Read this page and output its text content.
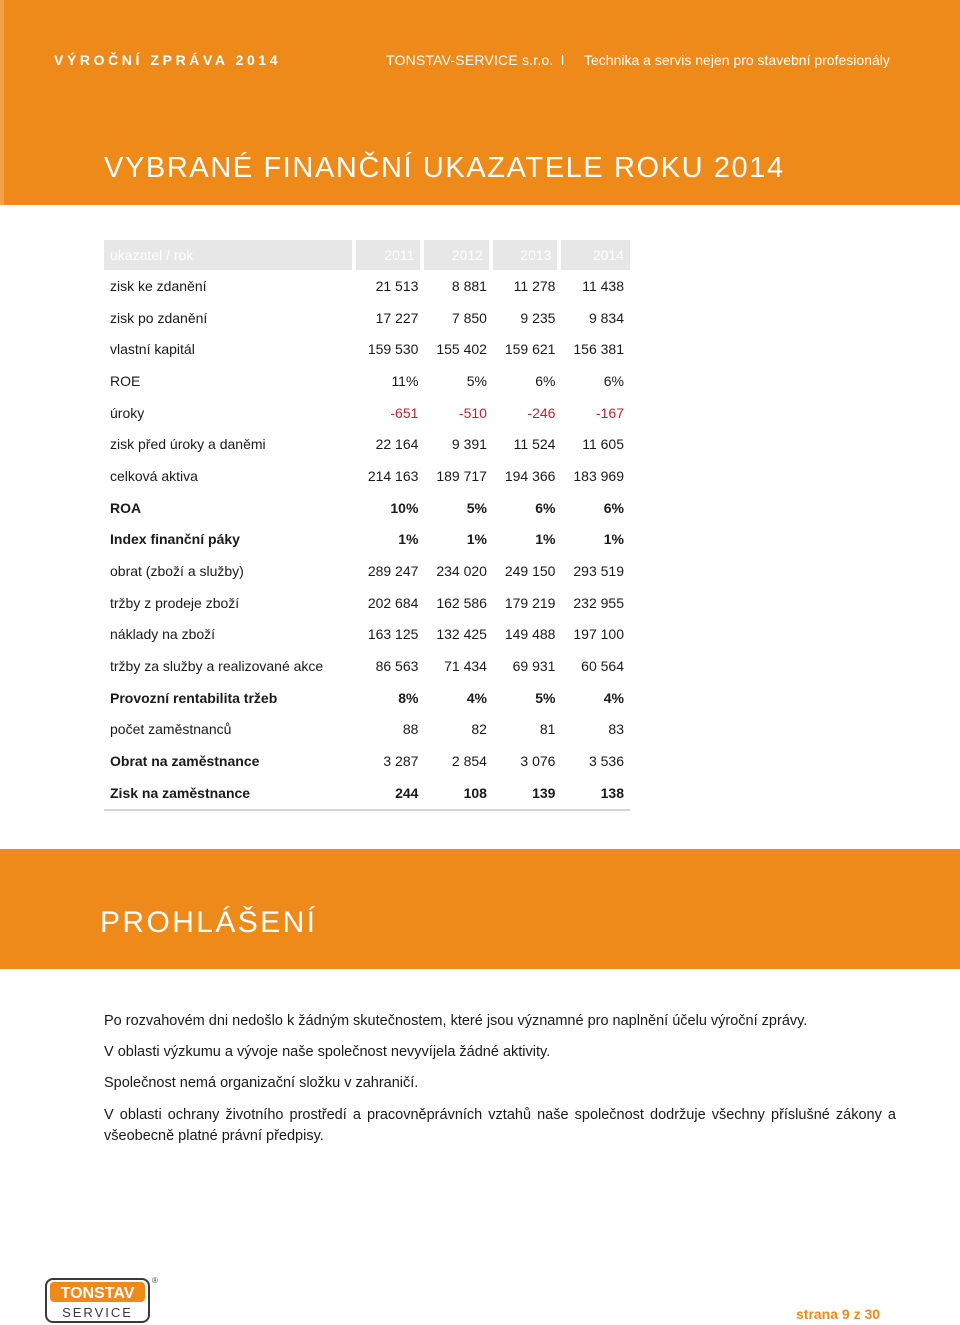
VÝROČNÍ ZPRÁVA 2014	TONSTAV-SERVICE s.r.o. l Technika a servis nejen pro stavební profesionály
VYBRANÉ FINANČNÍ UKAZATELE ROKU 2014
ukazatel / rok	2011	2012	2013	2014
zisk ke zdanění	21 513	8 881	11 278	11 438
zisk po zdanění	17 227	7 850	9 235	9 834
vlastní kapitál	159 530	155 402	159 621	156 381
ROE	11%	5%	6%	6%
úroky	-651	-510	-246	-167
zisk před úroky a daněmi	22 164	9 391	11 524	11 605
celková aktiva	214 163	189 717	194 366	183 969
ROA	10%	5%	6%	6%
Index finanční páky	1%	1%	1%	1%
obrat (zboží a služby)	289 247	234 020	249 150	293 519
tržby z prodeje zboží	202 684	162 586	179 219	232 955
náklady na zboží	163 125	132 425	149 488	197 100
tržby za služby a realizované akce	86 563	71 434	69 931	60 564
Provozní rentabilita tržeb	8%	4%	5%	4%
počet zaměstnanců	88	82	81	83
Obrat na zaměstnance	3 287	2 854	3 076	3 536
Zisk na zaměstnance	244	108	139	138
PROHLÁŠENÍ

Po rozvahovém dni nedošlo k žádným skutečnostem, které jsou významné pro naplnění účelu výroční zprávy.

V oblasti výzkumu a vývoje naše společnost nevyvíjela žádné aktivity.

Společnost nemá organizační složku v zahraničí.

V oblasti ochrany životního prostředí a pracovněprávních vztahů naše společnost dodržuje všechny příslušné zákony a všeobecně platné právní předpisy.

TONSTAV
SERVICE
®
strana 9 z 30
